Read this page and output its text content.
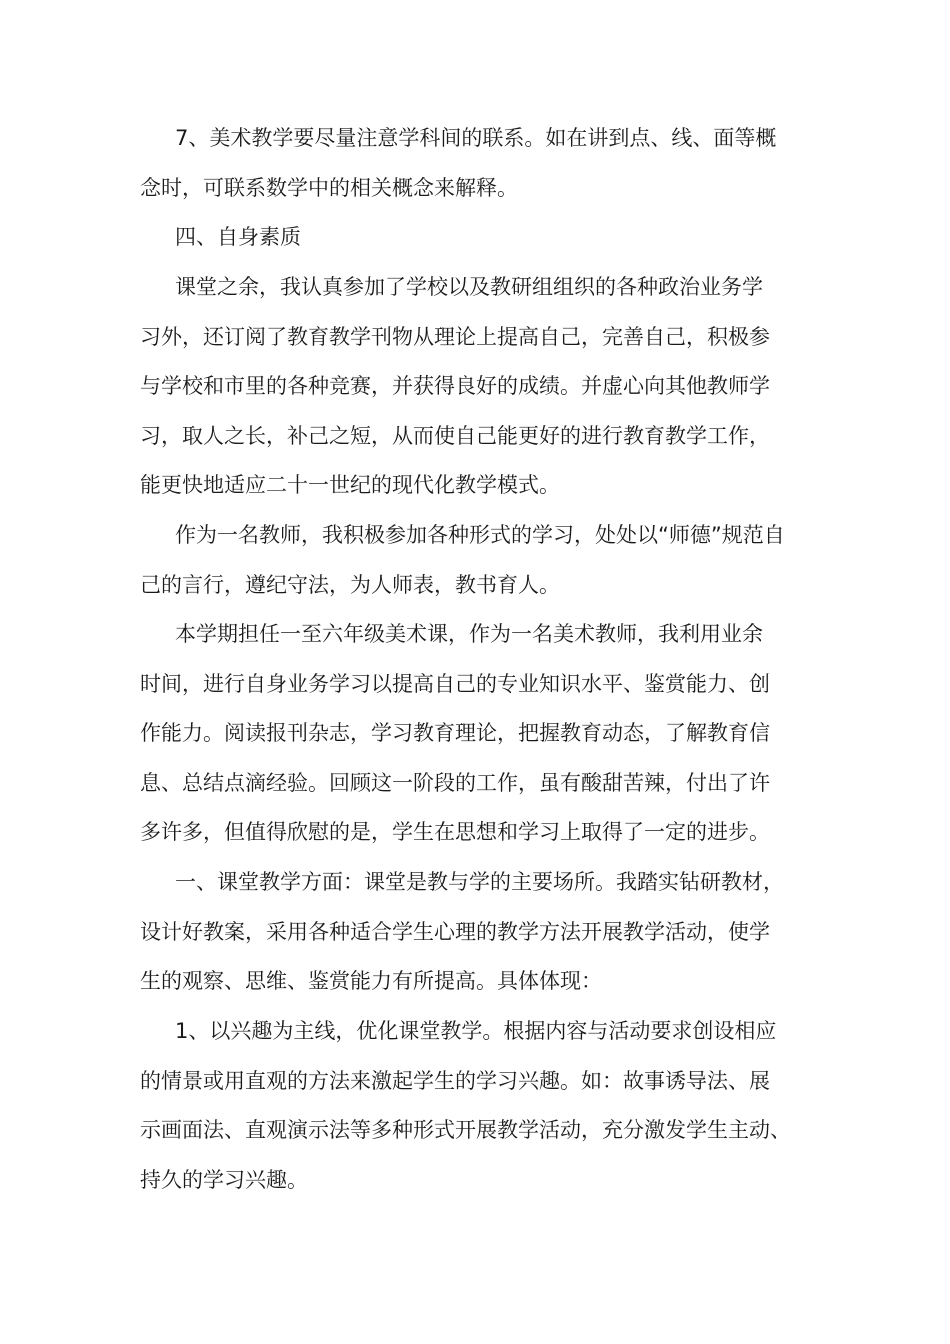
7、美术教学要尽量注意学科间的联系。如在讲到点、线、面等概
念时，可联系数学中的相关概念来解释。
四、自身素质
课堂之余，我认真参加了学校以及教研组组织的各种政治业务学
习外，还订阅了教育教学刊物从理论上提高自己，完善自己，积极参
与学校和市里的各种竞赛，并获得良好的成绩。并虚心向其他教师学
习，取人之长，补己之短，从而使自己能更好的进行教育教学工作，
能更快地适应二十一世纪的现代化教学模式。
作为一名教师，我积极参加各种形式的学习，处处以“师德”规范自
己的言行，遵纪守法，为人师表，教书育人。
本学期担任一至六年级美术课，作为一名美术教师，我利用业余
时间，进行自身业务学习以提高自己的专业知识水平、鉴赏能力、创
作能力。阅读报刊杂志，学习教育理论，把握教育动态，了解教育信
息、总结点滴经验。回顾这一阶段的工作，虽有酸甜苦辣，付出了许
多许多，但值得欣慰的是，学生在思想和学习上取得了一定的进步。
一、课堂教学方面：课堂是教与学的主要场所。我踏实钻研教材，
设计好教案，采用各种适合学生心理的教学方法开展教学活动，使学
生的观察、思维、鉴赏能力有所提高。具体体现：
1、以兴趣为主线，优化课堂教学。根据内容与活动要求创设相应
的情景或用直观的方法来激起学生的学习兴趣。如：故事诱导法、展
示画面法、直观演示法等多种形式开展教学活动，充分激发学生主动、
持久的学习兴趣。
